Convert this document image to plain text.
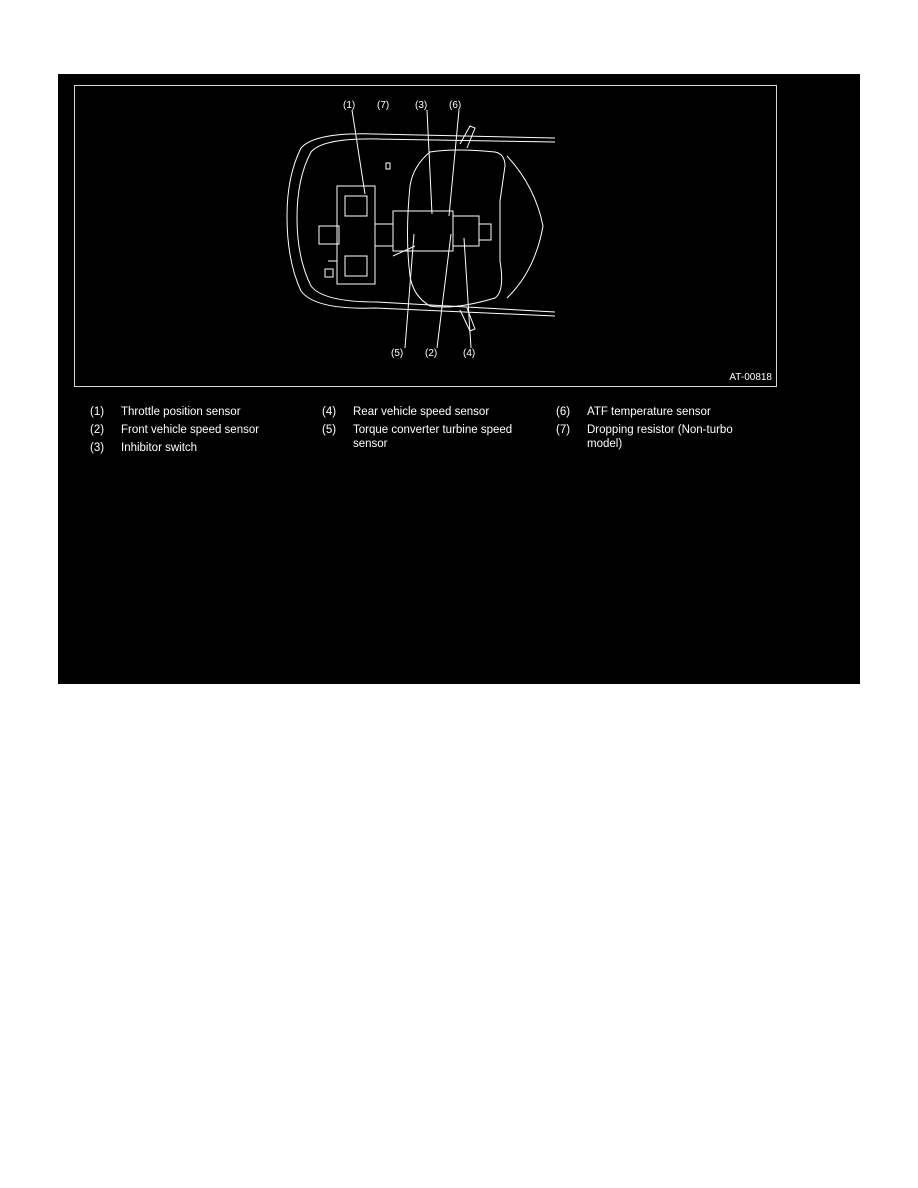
(1) (7)	(3) (6)
(5) (2)	(4)
AT-00818
(1) Throttle position sensor
(2) Front vehicle speed sensor
(3) Inhibitor switch
(4) Rear vehicle speed sensor
(5) Torque converter turbine speed sensor
(6) ATF temperature sensor
(7) Dropping resistor (Non-turbo model)
